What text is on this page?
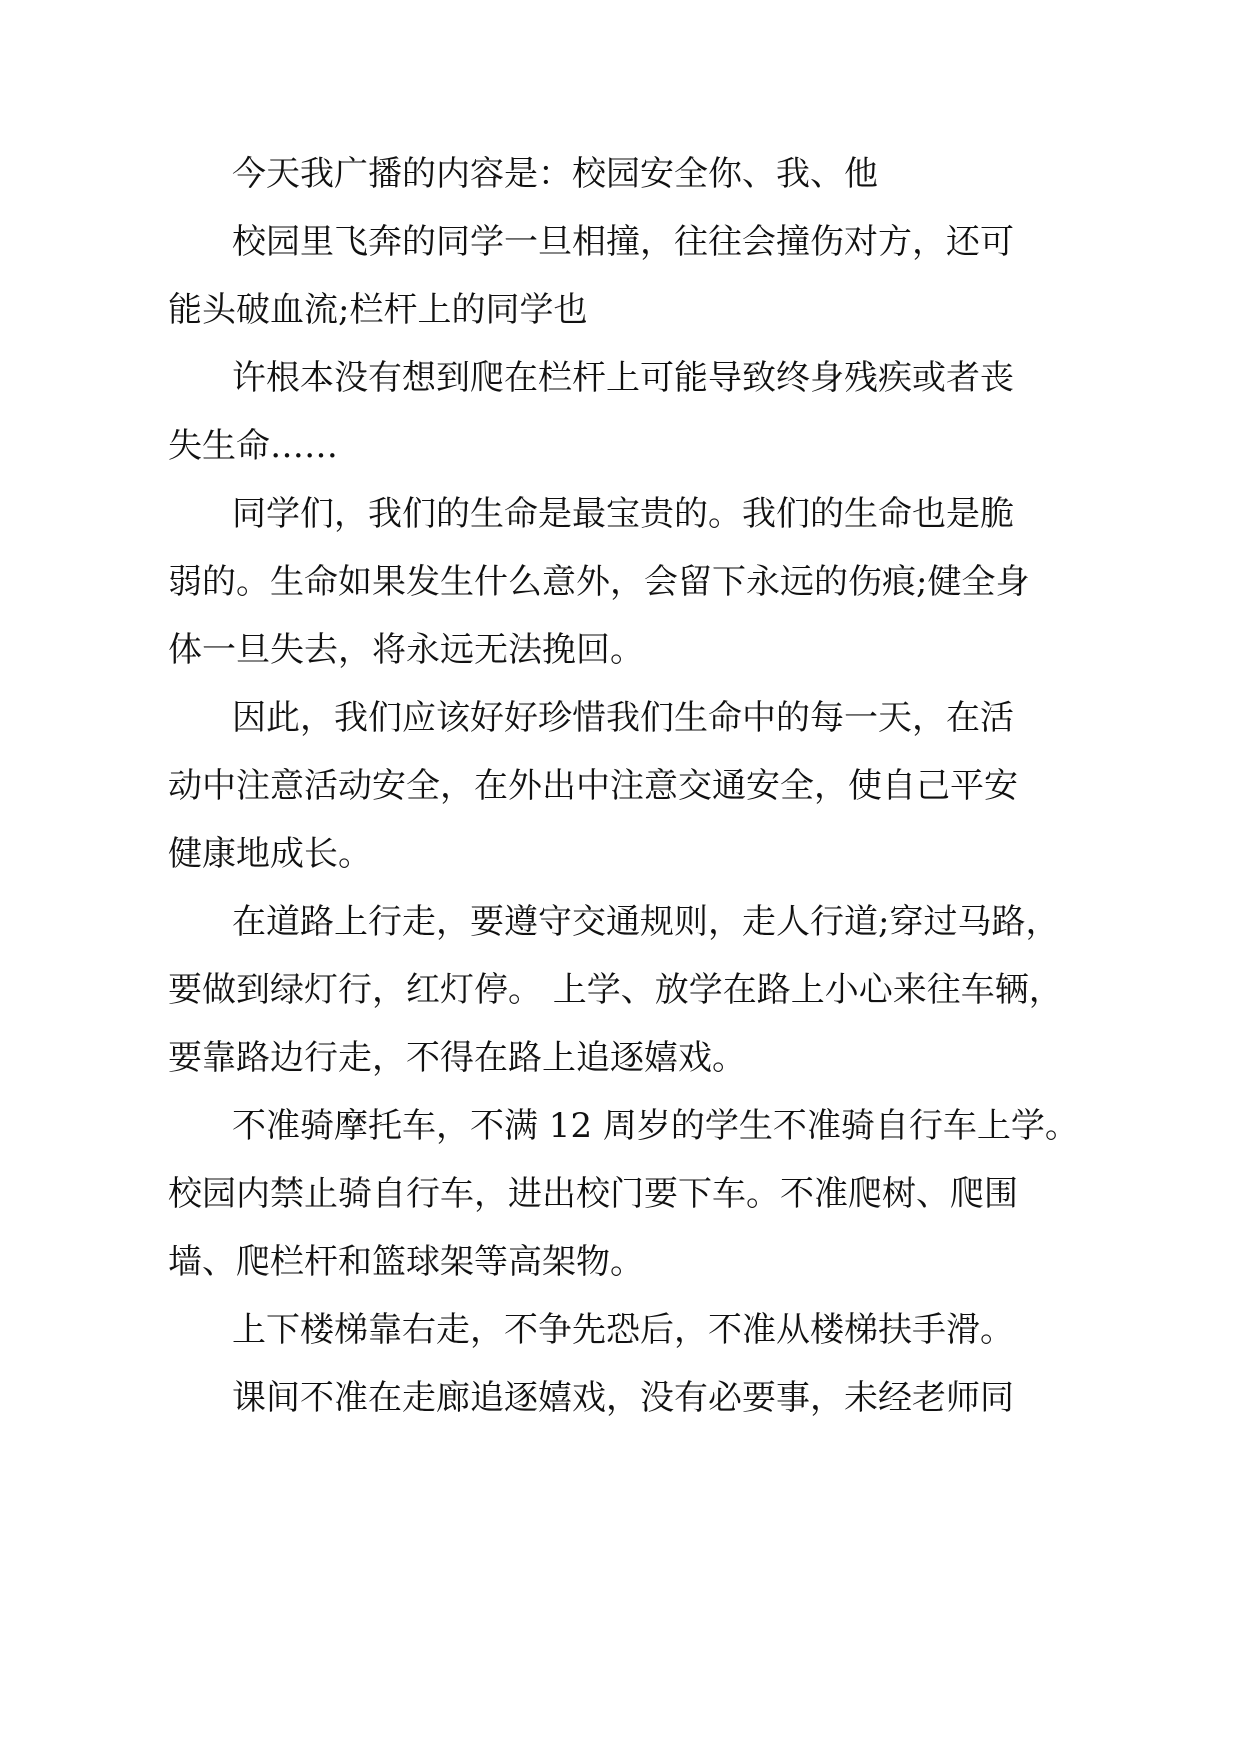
今天我广播的内容是：校园安全你、我、他
校园里飞奔的同学一旦相撞，往往会撞伤对方，还可
能头破血流;栏杆上的同学也
许根本没有想到爬在栏杆上可能导致终身残疾或者丧
失生命……
同学们，我们的生命是最宝贵的。我们的生命也是脆
弱的。生命如果发生什么意外，会留下永远的伤痕;健全身
体一旦失去，将永远无法挽回。
因此，我们应该好好珍惜我们生命中的每一天，在活
动中注意活动安全，在外出中注意交通安全，使自己平安
健康地成长。
在道路上行走，要遵守交通规则，走人行道;穿过马路，
要做到绿灯行，红灯停。 上学、放学在路上小心来往车辆，
要靠路边行走，不得在路上追逐嬉戏。
不准骑摩托车，不满 12 周岁的学生不准骑自行车上学。
校园内禁止骑自行车，进出校门要下车。不准爬树、爬围
墙、爬栏杆和篮球架等高架物。
上下楼梯靠右走，不争先恐后，不准从楼梯扶手滑。
课间不准在走廊追逐嬉戏，没有必要事，未经老师同
